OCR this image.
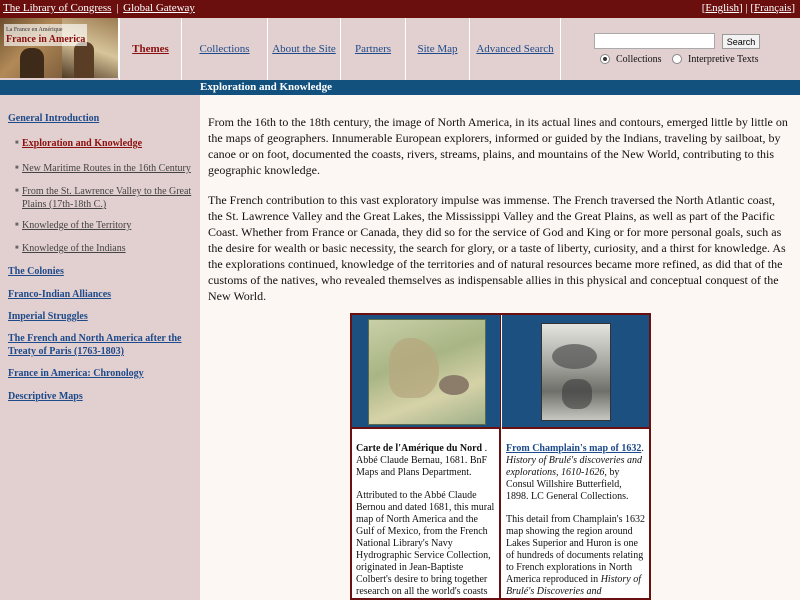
The Library of Congress | Global Gateway	[English] | [Français]
La France en Amérique
France in America
Themes	Collections About the Site Partners Site Map Advanced Search
Search
Collections	Interpretive Texts
Exploration and Knowledge
General Introduction
■ Exploration and Knowledge
■ New Maritime Routes in the 16th Century
■ From the St. Lawrence Valley to the Great Plains (17th-18th C.)
■ Knowledge of the Territory
■ Knowledge of the Indians
The Colonies
Franco-Indian Alliances
Imperial Struggles
The French and North America after the Treaty of Paris (1763-1803)
France in America: Chronology
Descriptive Maps

From the 16th to the 18th century, the image of North America, in its actual lines and contours, emerged little by little on the maps of geographers. Innumerable European explorers, informed or guided by the Indians, traveling by sailboat, by canoe or on foot, documented the coasts, rivers, streams, plains, and mountains of the New World, contributing to this geographic knowledge.

The French contribution to this vast exploratory impulse was immense. The French traversed the North Atlantic coast, the St. Lawrence Valley and the Great Lakes, the Mississippi Valley and the Great Plains, as well as part of the Pacific Coast. Whether from France or Canada, they did so for the service of God and King or for more personal goals, such as the desire for wealth or basic necessity, the search for glory, or a taste of liberty, curiosity, and a thirst for knowledge. As the explorations continued, knowledge of the territories and of natural resources became more refined, as did that of the customs of the natives, who revealed themselves as indispensable allies in this physical and conceptual conquest of the New World.

Carte de l'Amérique du Nord . Abbé Claude Bernau, 1681. BnF Maps and Plans Department.

Attributed to the Abbé Claude Bernou and dated 1681, this mural map of North America and the Gulf of Mexico, from the French National Library's Navy Hydrographic Service Collection, originated in Jean-Baptiste Colbert's desire to bring together research on all the world's coasts

From Champlain's map of 1632. History of Brulé's discoveries and explorations, 1610-1626, by Consul Willshire Butterfield, 1898. LC General Collections.

This detail from Champlain's 1632 map showing the region around Lakes Superior and Huron is one of hundreds of documents relating to French explorations in North America reproduced in History of Brulé's Discoveries and
